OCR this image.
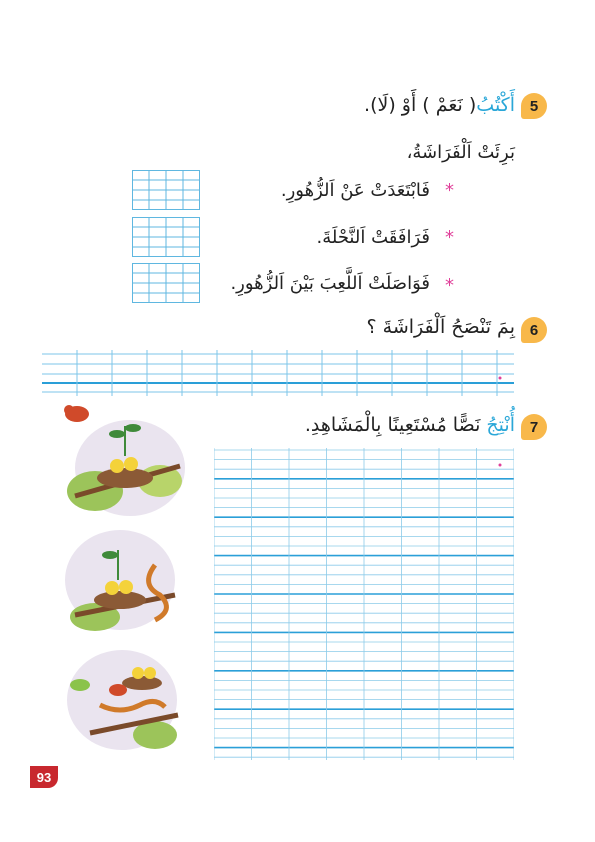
5
أَكْتُبُ( نَعَمْ ) أَوْ (لَا).
بَرِئَتْ اَلْفَرَاشَةُ،
*
فَابْتَعَدَتْ عَنْ اَلزُّهُورِ.
*
فَرَافَقَتْ اَلنَّحْلَةَ.
*
فَوَاصَلَتْ اَللَّعِبَ بَيْنَ اَلزُّهُورِ.
6
بِمَ تَنْصَحُ اَلْفَرَاشَةَ ؟
7
أُنْتِجُ نَصًّا مُسْتَعِينًا بِالْمَشَاهِدِ.
93
